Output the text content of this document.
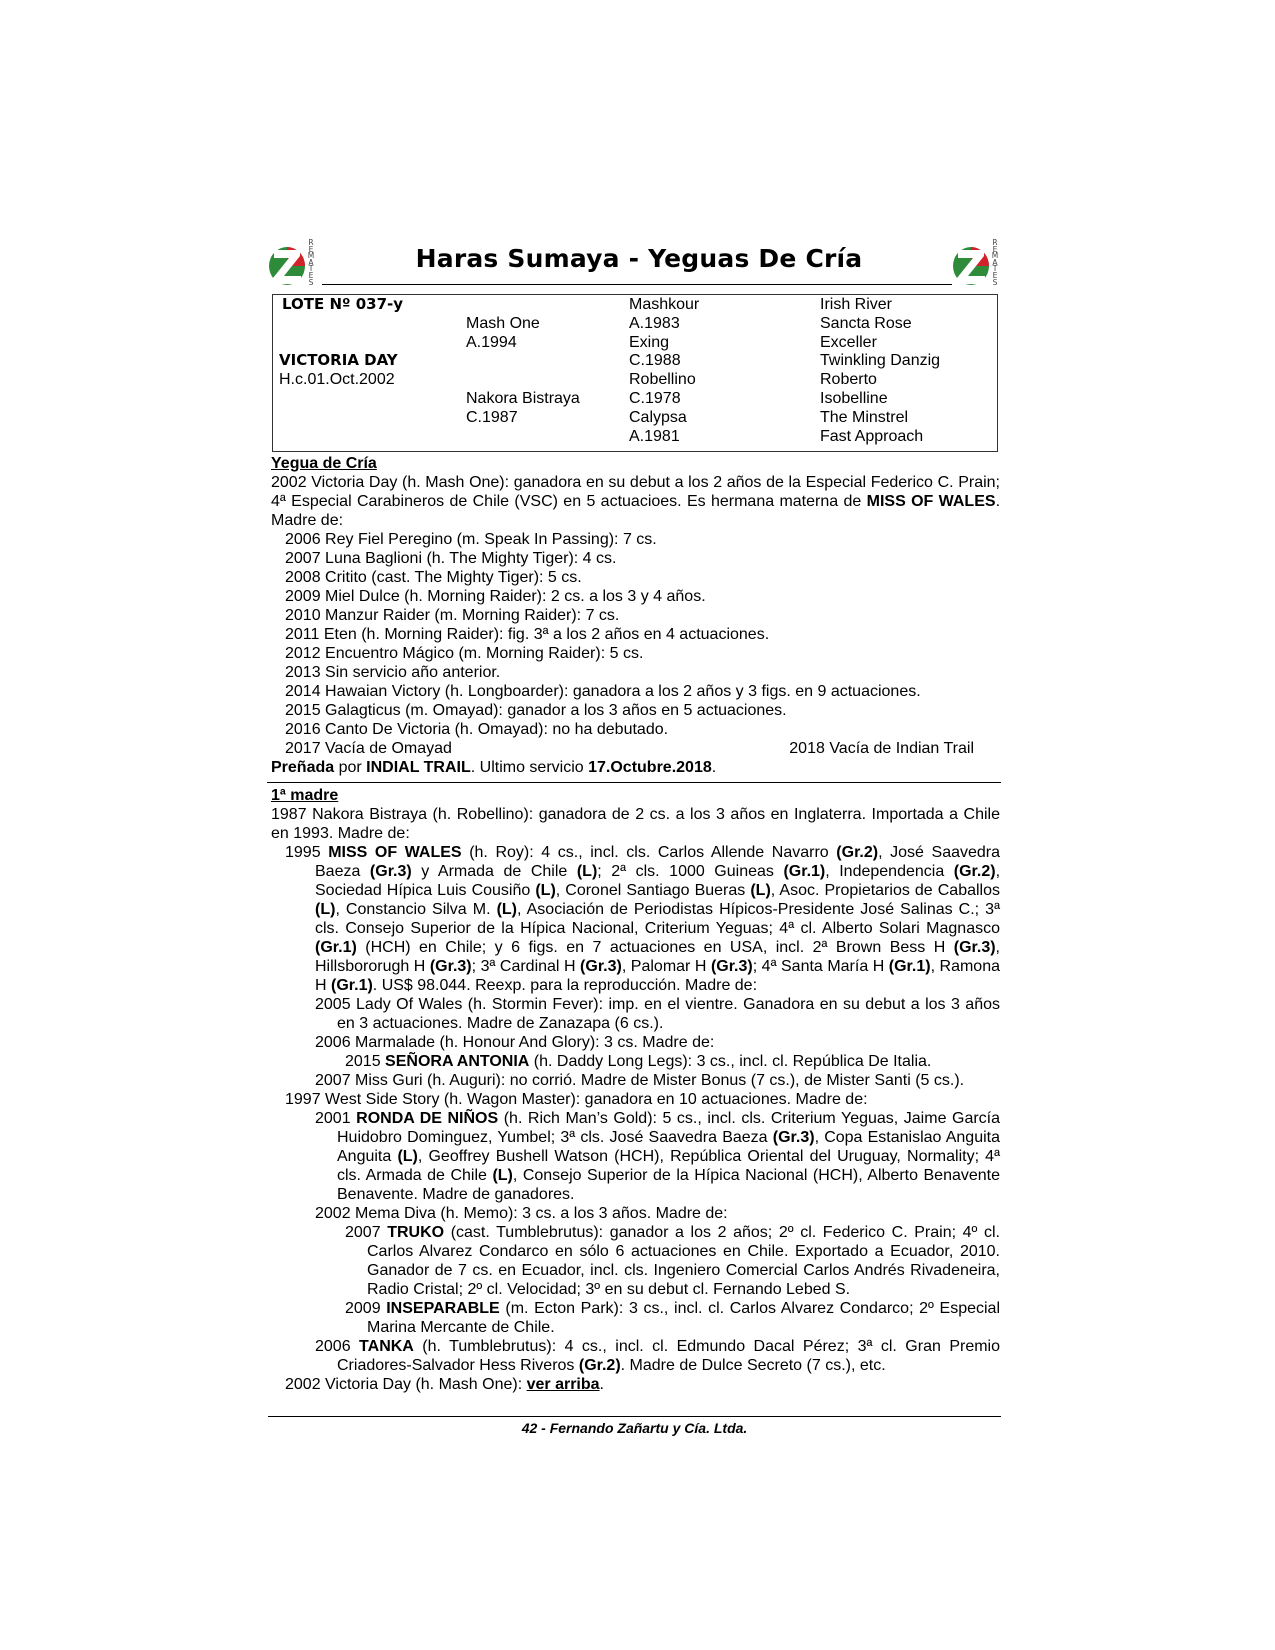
R
E
M
A
T
E
S
R
E
M
A
T
E
S
Haras Sumaya - Yeguas De Cría
LOTE Nº 037-y
VICTORIA DAY
H.c.01.Oct.2002
Mash One
A.1994
Nakora Bistraya
C.1987
Mashkour
A.1983
Exing
C.1988
Robellino
C.1978
Calypsa
A.1981
Irish River
Sancta Rose
Exceller
Twinkling Danzig
Roberto
Isobelline
The Minstrel
Fast Approach

Yegua de Cría

2002 Victoria Day (h. Mash One): ganadora en su debut a los 2 años de la Especial Federico C. Prain; 4ª Especial Carabineros de Chile (VSC) en 5 actuacioes. Es hermana materna de MISS OF WALES. Madre de:

2006 Rey Fiel Peregino (m. Speak In Passing): 7 cs.

2007 Luna Baglioni (h. The Mighty Tiger): 4 cs.

2008 Critito (cast. The Mighty Tiger): 5 cs.

2009 Miel Dulce (h. Morning Raider): 2 cs. a los 3 y 4 años.

2010 Manzur Raider (m. Morning Raider): 7 cs.

2011 Eten (h. Morning Raider): fig. 3ª a los 2 años en 4 actuaciones.

2012 Encuentro Mágico (m. Morning Raider): 5 cs.

2013 Sin servicio año anterior.

2014 Hawaian Victory (h. Longboarder): ganadora a los 2 años y 3 figs. en 9 actuaciones.

2015 Galagticus (m. Omayad): ganador a los 3 años en 5 actuaciones.

2016 Canto De Victoria (h. Omayad): no ha debutado.

2017 Vacía de Omayad	2018 Vacía de Indian Trail

Preñada por INDIAL TRAIL. Ultimo servicio 17.Octubre.2018.

1ª madre

1987 Nakora Bistraya (h. Robellino): ganadora de 2 cs. a los 3 años en Inglaterra. Importada a Chile en 1993. Madre de:

1995 MISS OF WALES (h. Roy): 4 cs., incl. cls. Carlos Allende Navarro (Gr.2), José Saavedra Baeza (Gr.3) y Armada de Chile (L); 2ª cls. 1000 Guineas (Gr.1), Independencia (Gr.2), Sociedad Hípica Luis Cousiño (L), Coronel Santiago Bueras (L), Asoc. Propietarios de Caballos (L), Constancio Silva M. (L), Asociación de Periodistas Hípicos-Presidente José Salinas C.; 3ª cls. Consejo Superior de la Hípica Nacional, Criterium Yeguas; 4ª cl. Alberto Solari Magnasco (Gr.1) (HCH) en Chile; y 6 figs. en 7 actuaciones en USA, incl. 2ª Brown Bess H (Gr.3), Hillsbororugh H (Gr.3); 3ª Cardinal H (Gr.3), Palomar H (Gr.3); 4ª Santa María H (Gr.1), Ramona H (Gr.1). US$ 98.044. Reexp. para la reproducción. Madre de:

2005 Lady Of Wales (h. Stormin Fever): imp. en el vientre. Ganadora en su debut a los 3 años en 3 actuaciones. Madre de Zanazapa (6 cs.).

2006 Marmalade (h. Honour And Glory): 3 cs. Madre de:

2015 SEÑORA ANTONIA (h. Daddy Long Legs): 3 cs., incl. cl. República De Italia.

2007 Miss Guri (h. Auguri): no corrió. Madre de Mister Bonus (7 cs.), de Mister Santi (5 cs.).

1997 West Side Story (h. Wagon Master): ganadora en 10 actuaciones. Madre de:

2001 RONDA DE NIÑOS (h. Rich Man’s Gold): 5 cs., incl. cls. Criterium Yeguas, Jaime García Huidobro Dominguez, Yumbel; 3ª cls. José Saavedra Baeza (Gr.3), Copa Estanislao Anguita Anguita (L), Geoffrey Bushell Watson (HCH), República Oriental del Uruguay, Normality; 4ª cls. Armada de Chile (L), Consejo Superior de la Hípica Nacional (HCH), Alberto Benavente Benavente. Madre de ganadores.

2002 Mema Diva (h. Memo): 3 cs. a los 3 años. Madre de:

2007 TRUKO (cast. Tumblebrutus): ganador a los 2 años; 2º cl. Federico C. Prain; 4º cl. Carlos Alvarez Condarco en sólo 6 actuaciones en Chile. Exportado a Ecuador, 2010. Ganador de 7 cs. en Ecuador, incl. cls. Ingeniero Comercial Carlos Andrés Rivadeneira, Radio Cristal; 2º cl. Velocidad; 3º en su debut cl. Fernando Lebed S.

2009 INSEPARABLE (m. Ecton Park): 3 cs., incl. cl. Carlos Alvarez Condarco; 2º Especial Marina Mercante de Chile.

2006 TANKA (h. Tumblebrutus): 4 cs., incl. cl. Edmundo Dacal Pérez; 3ª cl. Gran Premio Criadores-Salvador Hess Riveros (Gr.2). Madre de Dulce Secreto (7 cs.), etc.

2002 Victoria Day (h. Mash One): ver arriba.

42 - Fernando Zañartu y Cía. Ltda.
